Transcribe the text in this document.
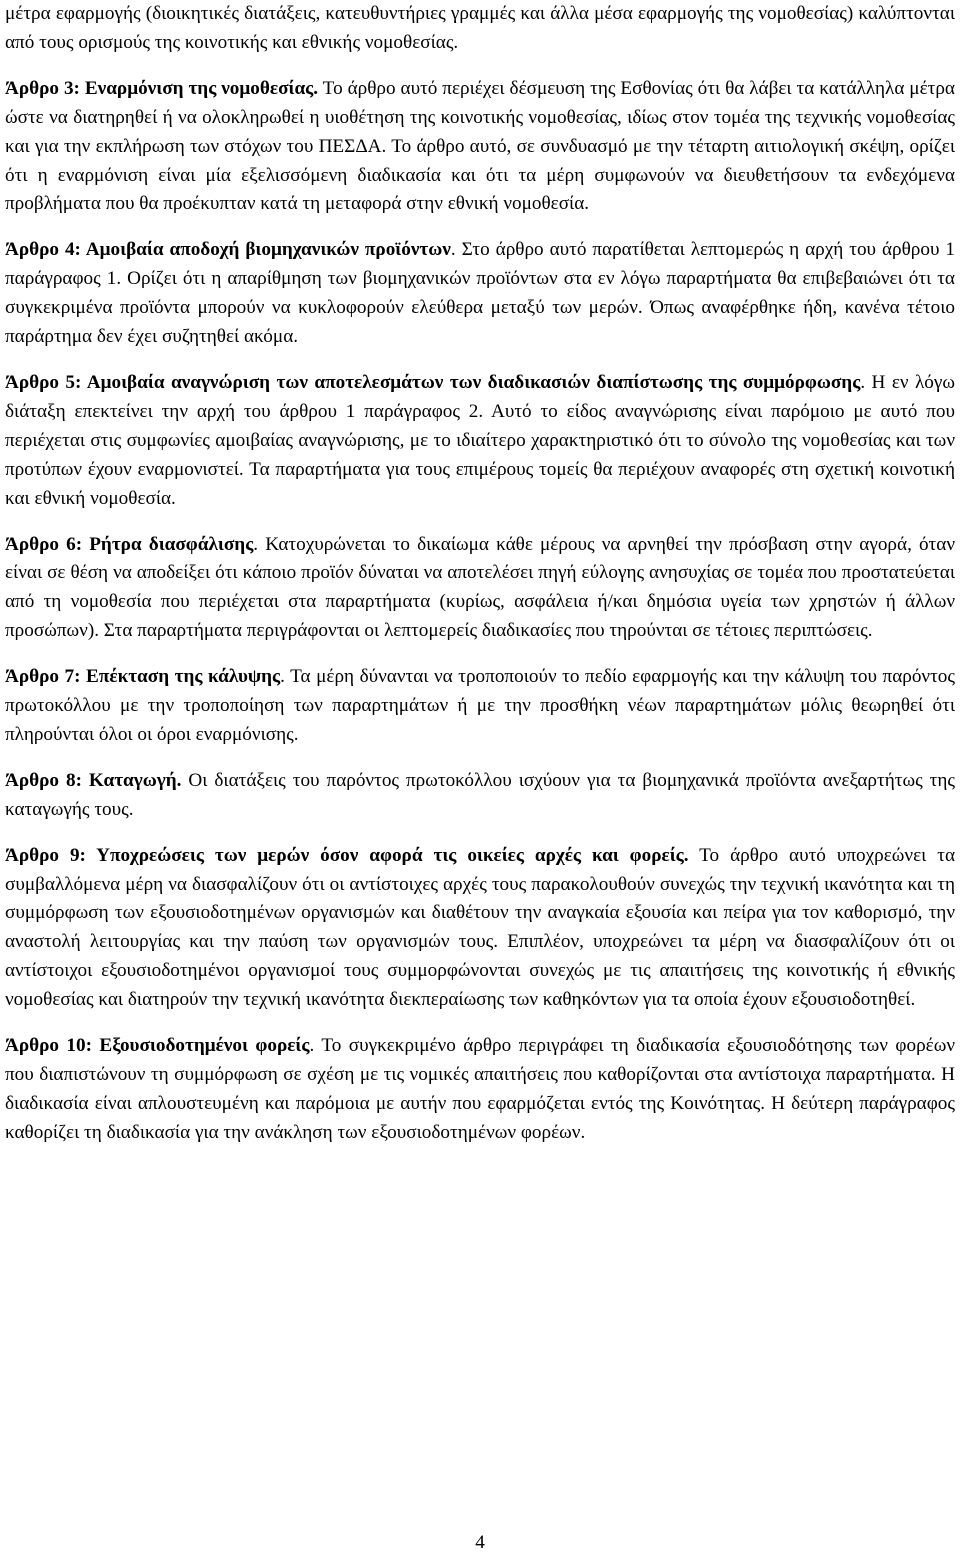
μέτρα εφαρμογής (διοικητικές διατάξεις, κατευθυντήριες γραμμές και άλλα μέσα εφαρμογής της νομοθεσίας) καλύπτονται από τους ορισμούς της κοινοτικής και εθνικής νομοθεσίας.

Άρθρο 3: Εναρμόνιση της νομοθεσίας. Το άρθρο αυτό περιέχει δέσμευση της Εσθονίας ότι θα λάβει τα κατάλληλα μέτρα ώστε να διατηρηθεί ή να ολοκληρωθεί η υιοθέτηση της κοινοτικής νομοθεσίας, ιδίως στον τομέα της τεχνικής νομοθεσίας και για την εκπλήρωση των στόχων του ΠΕΣΔΑ. Το άρθρο αυτό, σε συνδυασμό με την τέταρτη αιτιολογική σκέψη, ορίζει ότι η εναρμόνιση είναι μία εξελισσόμενη διαδικασία και ότι τα μέρη συμφωνούν να διευθετήσουν τα ενδεχόμενα προβλήματα που θα προέκυπταν κατά τη μεταφορά στην εθνική νομοθεσία.

Άρθρο 4: Αμοιβαία αποδοχή βιομηχανικών προϊόντων. Στο άρθρο αυτό παρατίθεται λεπτομερώς η αρχή του άρθρου 1 παράγραφος 1. Ορίζει ότι η απαρίθμηση των βιομηχανικών προϊόντων στα εν λόγω παραρτήματα θα επιβεβαιώνει ότι τα συγκεκριμένα προϊόντα μπορούν να κυκλοφορούν ελεύθερα μεταξύ των μερών. Όπως αναφέρθηκε ήδη, κανένα τέτοιο παράρτημα δεν έχει συζητηθεί ακόμα.

Άρθρο 5: Αμοιβαία αναγνώριση των αποτελεσμάτων των διαδικασιών διαπίστωσης της συμμόρφωσης. Η εν λόγω διάταξη επεκτείνει την αρχή του άρθρου 1 παράγραφος 2. Αυτό το είδος αναγνώρισης είναι παρόμοιο με αυτό που περιέχεται στις συμφωνίες αμοιβαίας αναγνώρισης, με το ιδιαίτερο χαρακτηριστικό ότι το σύνολο της νομοθεσίας και των προτύπων έχουν εναρμονιστεί. Τα παραρτήματα για τους επιμέρους τομείς θα περιέχουν αναφορές στη σχετική κοινοτική και εθνική νομοθεσία.

Άρθρο 6: Ρήτρα διασφάλισης. Κατοχυρώνεται το δικαίωμα κάθε μέρους να αρνηθεί την πρόσβαση στην αγορά, όταν είναι σε θέση να αποδείξει ότι κάποιο προϊόν δύναται να αποτελέσει πηγή εύλογης ανησυχίας σε τομέα που προστατεύεται από τη νομοθεσία που περιέχεται στα παραρτήματα (κυρίως, ασφάλεια ή/και δημόσια υγεία των χρηστών ή άλλων προσώπων). Στα παραρτήματα περιγράφονται οι λεπτομερείς διαδικασίες που τηρούνται σε τέτοιες περιπτώσεις.

Άρθρο 7: Επέκταση της κάλυψης. Τα μέρη δύνανται να τροποποιούν το πεδίο εφαρμογής και την κάλυψη του παρόντος πρωτοκόλλου με την τροποποίηση των παραρτημάτων ή με την προσθήκη νέων παραρτημάτων μόλις θεωρηθεί ότι πληρούνται όλοι οι όροι εναρμόνισης.

Άρθρο 8: Καταγωγή. Οι διατάξεις του παρόντος πρωτοκόλλου ισχύουν για τα βιομηχανικά προϊόντα ανεξαρτήτως της καταγωγής τους.

Άρθρο 9: Υποχρεώσεις των μερών όσον αφορά τις οικείες αρχές και φορείς. Το άρθρο αυτό υποχρεώνει τα συμβαλλόμενα μέρη να διασφαλίζουν ότι οι αντίστοιχες αρχές τους παρακολουθούν συνεχώς την τεχνική ικανότητα και τη συμμόρφωση των εξουσιοδοτημένων οργανισμών και διαθέτουν την αναγκαία εξουσία και πείρα για τον καθορισμό, την αναστολή λειτουργίας και την παύση των οργανισμών τους. Επιπλέον, υποχρεώνει τα μέρη να διασφαλίζουν ότι οι αντίστοιχοι εξουσιοδοτημένοι οργανισμοί τους συμμορφώνονται συνεχώς με τις απαιτήσεις της κοινοτικής ή εθνικής νομοθεσίας και διατηρούν την τεχνική ικανότητα διεκπεραίωσης των καθηκόντων για τα οποία έχουν εξουσιοδοτηθεί.

Άρθρο 10: Εξουσιοδοτημένοι φορείς. Το συγκεκριμένο άρθρο περιγράφει τη διαδικασία εξουσιοδότησης των φορέων που διαπιστώνουν τη συμμόρφωση σε σχέση με τις νομικές απαιτήσεις που καθορίζονται στα αντίστοιχα παραρτήματα. Η διαδικασία είναι απλουστευμένη και παρόμοια με αυτήν που εφαρμόζεται εντός της Κοινότητας. Η δεύτερη παράγραφος καθορίζει τη διαδικασία για την ανάκληση των εξουσιοδοτημένων φορέων.

4
